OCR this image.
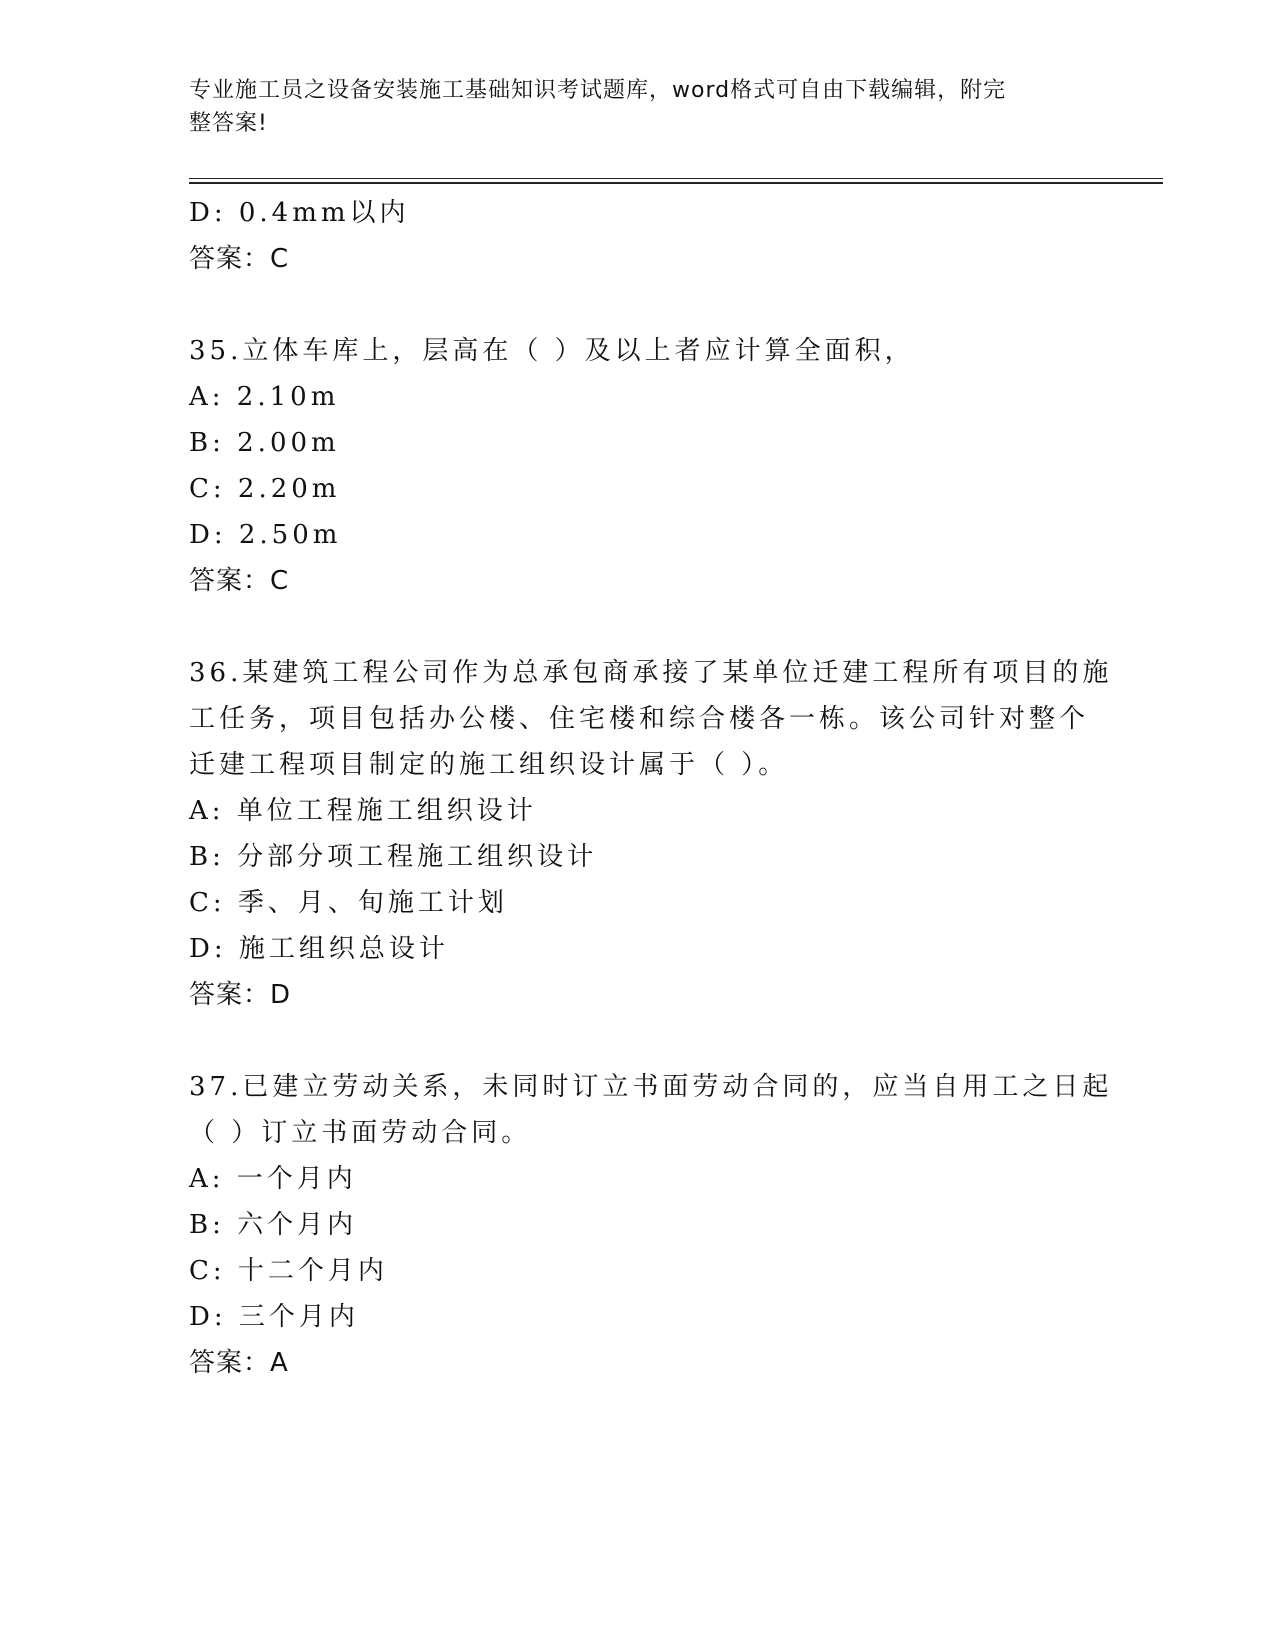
专业施工员之设备安装施工基础知识考试题库，word格式可自由下载编辑，附完
整答案!
D: 0.4mm以内
答案：C
35.立体车库上，层高在（ ）及以上者应计算全面积，
A: 2.10m
B: 2.00m
C: 2.20m
D: 2.50m
答案：C
36.某建筑工程公司作为总承包商承接了某单位迁建工程所有项目的施
工任务，项目包括办公楼、住宅楼和综合楼各一栋。该公司针对整个
迁建工程项目制定的施工组织设计属于（ ）。
A: 单位工程施工组织设计
B: 分部分项工程施工组织设计
C: 季、月、旬施工计划
D: 施工组织总设计
答案：D
37.已建立劳动关系，未同时订立书面劳动合同的，应当自用工之日起
（ ）订立书面劳动合同。
A: 一个月内
B: 六个月内
C: 十二个月内
D: 三个月内
答案：A
